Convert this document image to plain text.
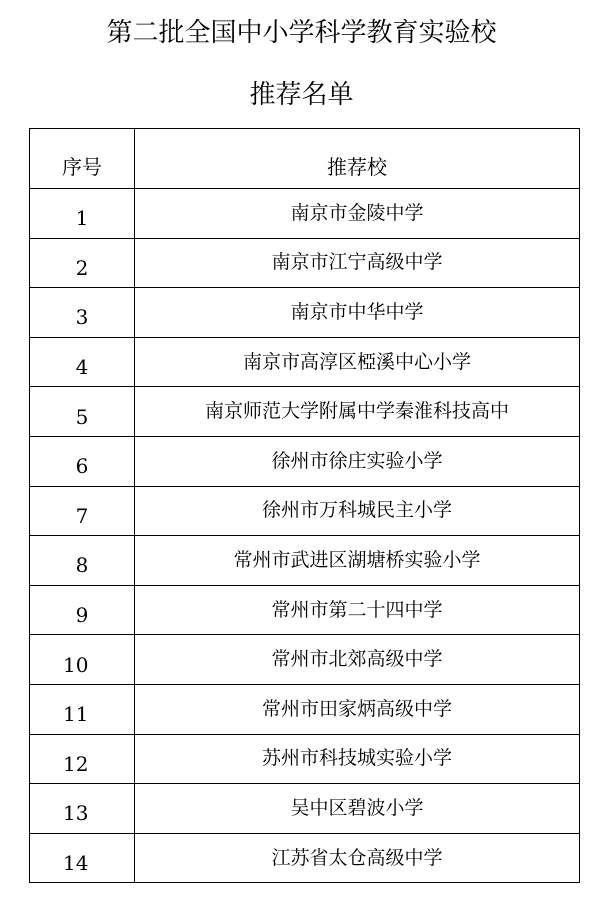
第二批全国中小学科学教育实验校
推荐名单
序号	推荐校
1	南京市金陵中学
2	南京市江宁高级中学
3	南京市中华中学
4	南京市高淳区椏溪中心小学
5	南京师范大学附属中学秦淮科技高中
6	徐州市徐庄实验小学
7	徐州市万科城民主小学
8	常州市武进区湖塘桥实验小学
9	常州市第二十四中学
10	常州市北郊高级中学
11	常州市田家炳高级中学
12	苏州市科技城实验小学
13	吴中区碧波小学
14	江苏省太仓高级中学
